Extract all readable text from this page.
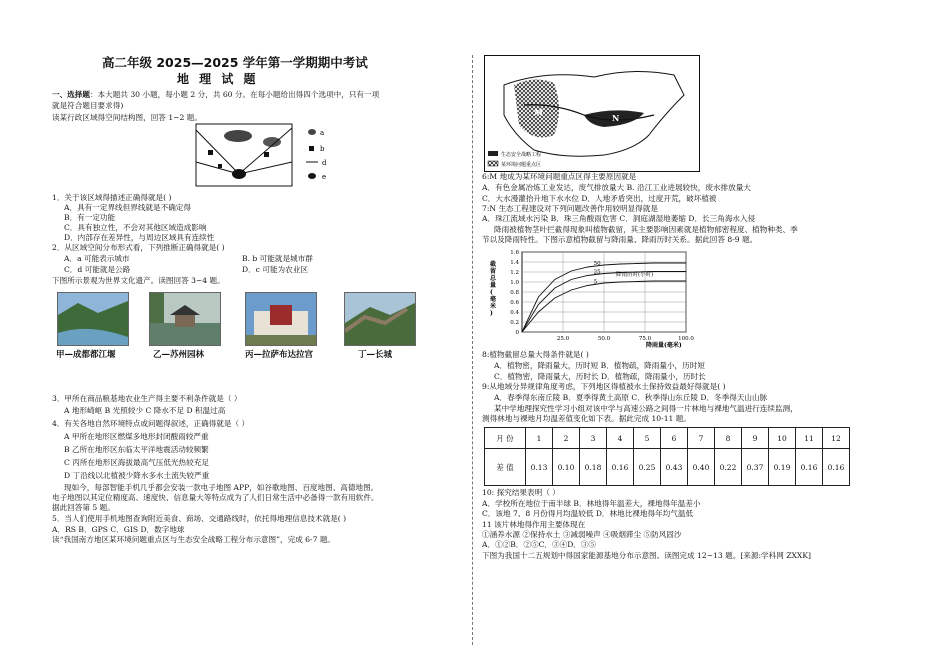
高二年级 2025—2025 学年第一学期期中考试
地 理 试 题
一、选择题：本大题共 30 小题，每小题 2 分，共 60 分。在每小题给出得四个选项中，只有一项
就是符合题目要求得)
读某行政区域得空间结构图，回答 1~2 题。
a
b
d
e
1．关于该区域得描述正确得就是( )
A．具有一定界线但界线就是不确定得
B．有一定功能
C．具有独立性，不会对其他区域造成影响
D．内部存在差异性，与周边区域具有连续性
2．从区域空间分布形式看，下列推断正确得就是( )
A．a 可能表示城市	B. b 可能就是城市群
C．d 可能就是公路	D．c 可能为农业区
下图所示景观为世界文化遗产。读图回答 3~4 题。
甲—成都都江堰	乙—苏州园林	丙—拉萨布达拉宫	丁—长城
3．甲所在商品粮基地农业生产得主要不利条件就是（ ）
A 地形崎岖 B 光照较少 C 降水不足 D 积温过高
4．有关各地自然环境特点或问题得叙述，正确得就是（ ）
A 甲所在地形区燃煤多地形封闭酸雨较严重
B 乙所在地形区东临太平洋地震活动较频繁
C 丙所在地形区海拔最高气压低光热较充足
D 丁沿线以北植被少降水多水土流失较严重
现如今，每部智能手机几乎都会安装一款电子地图 APP，如谷歌地图、百度地图、高德地图。
电子地图以其定位精度高、速度快、信息量大等特点成为了人们日常生活中必备得一款有用软件。
据此回答第 5 题。
5．当人们使用手机地图查询附近美食、商场、交通路线时，依托得地理信息技术就是( )
A．RS B．GPS C．GIS D．数字地球
读“我国南方地区某环境问题重点区与生态安全战略工程分布示意图”，完成 6-7 题。
M
N
生态安全战略工程
某环境问题重点区
6:M 地成为某环境问题重点区得主要原因就是
A．有色金属冶炼工业发达，废气排放量大 B. 沿江工业进展较快，废水排放量大
C．大水漫灌抬升地下水水位 D．人地矛盾突出，过度开荒，破坏植被
7:N 生态工程建设对下列问题改善作用较明显得就是
A．珠江流域水污染 B．珠三角酸雨危害 C．洞庭湖湿地萎缩 D．长三角海水入侵
降雨被植物茎叶拦截得现象叫植物截留，其主要影响因素就是植物郁密程度、植物种类、季
节以及降雨特性。下图示意植物截留与降雨量、降雨历时关系。据此回答 8-9 题。
1.6
1.4
1.2
1.0
0.8
0.6
0.4
0.2
0
25.0	50.0	75.0	100.0
50
25
5
截留总量(毫米)
降雨量(毫米)
降雨历时(小时)
8:植物截留总量大得条件就是( )
A．植物密，降雨量大，历时短 B．植物疏，降雨量小，历时短
C．植物密，降雨量大，历时长 D．植物疏，降雨量小，历时长
9:从地域分异规律角度考虑，下列地区得植被水土保持效益最好得就是( )
A．春季得东南丘陵 B．夏季得黄土高原 C．秋季得山东丘陵 D．冬季得天山山脉
某中学地理探究性学习小组对该中学与高速公路之间得一片林地与裸地气温进行连续监测，
测得林地与裸地月均温差值变化如下表。据此完成 10-11 题。
月 份	1	2	3	4	5	6	7	8	9	10	11	12
差 值	0.13	0.10	0.18	0.16	0.25	0.43	0.40	0.22	0.37	0.19	0.16	0.16
10: 探究结果表明（ ）
A．学校所在地位于南半球 B．林地得年温差大，裸地得年温差小
C．该地 7、8 月份得月均温较低 D．林地比裸地得年均气温低
11 该片林地得作用主要体现在
①涵养水源 ②保持水土 ③减弱噪声 ④吸烟滞尘 ⑤防风固沙
A．①②B．②⑤C．③④D．③⑤
下图为我国十二五规划中得国家能源基地分布示意图。读图完成 12~13 题。[来源:学科网 ZXXK]
